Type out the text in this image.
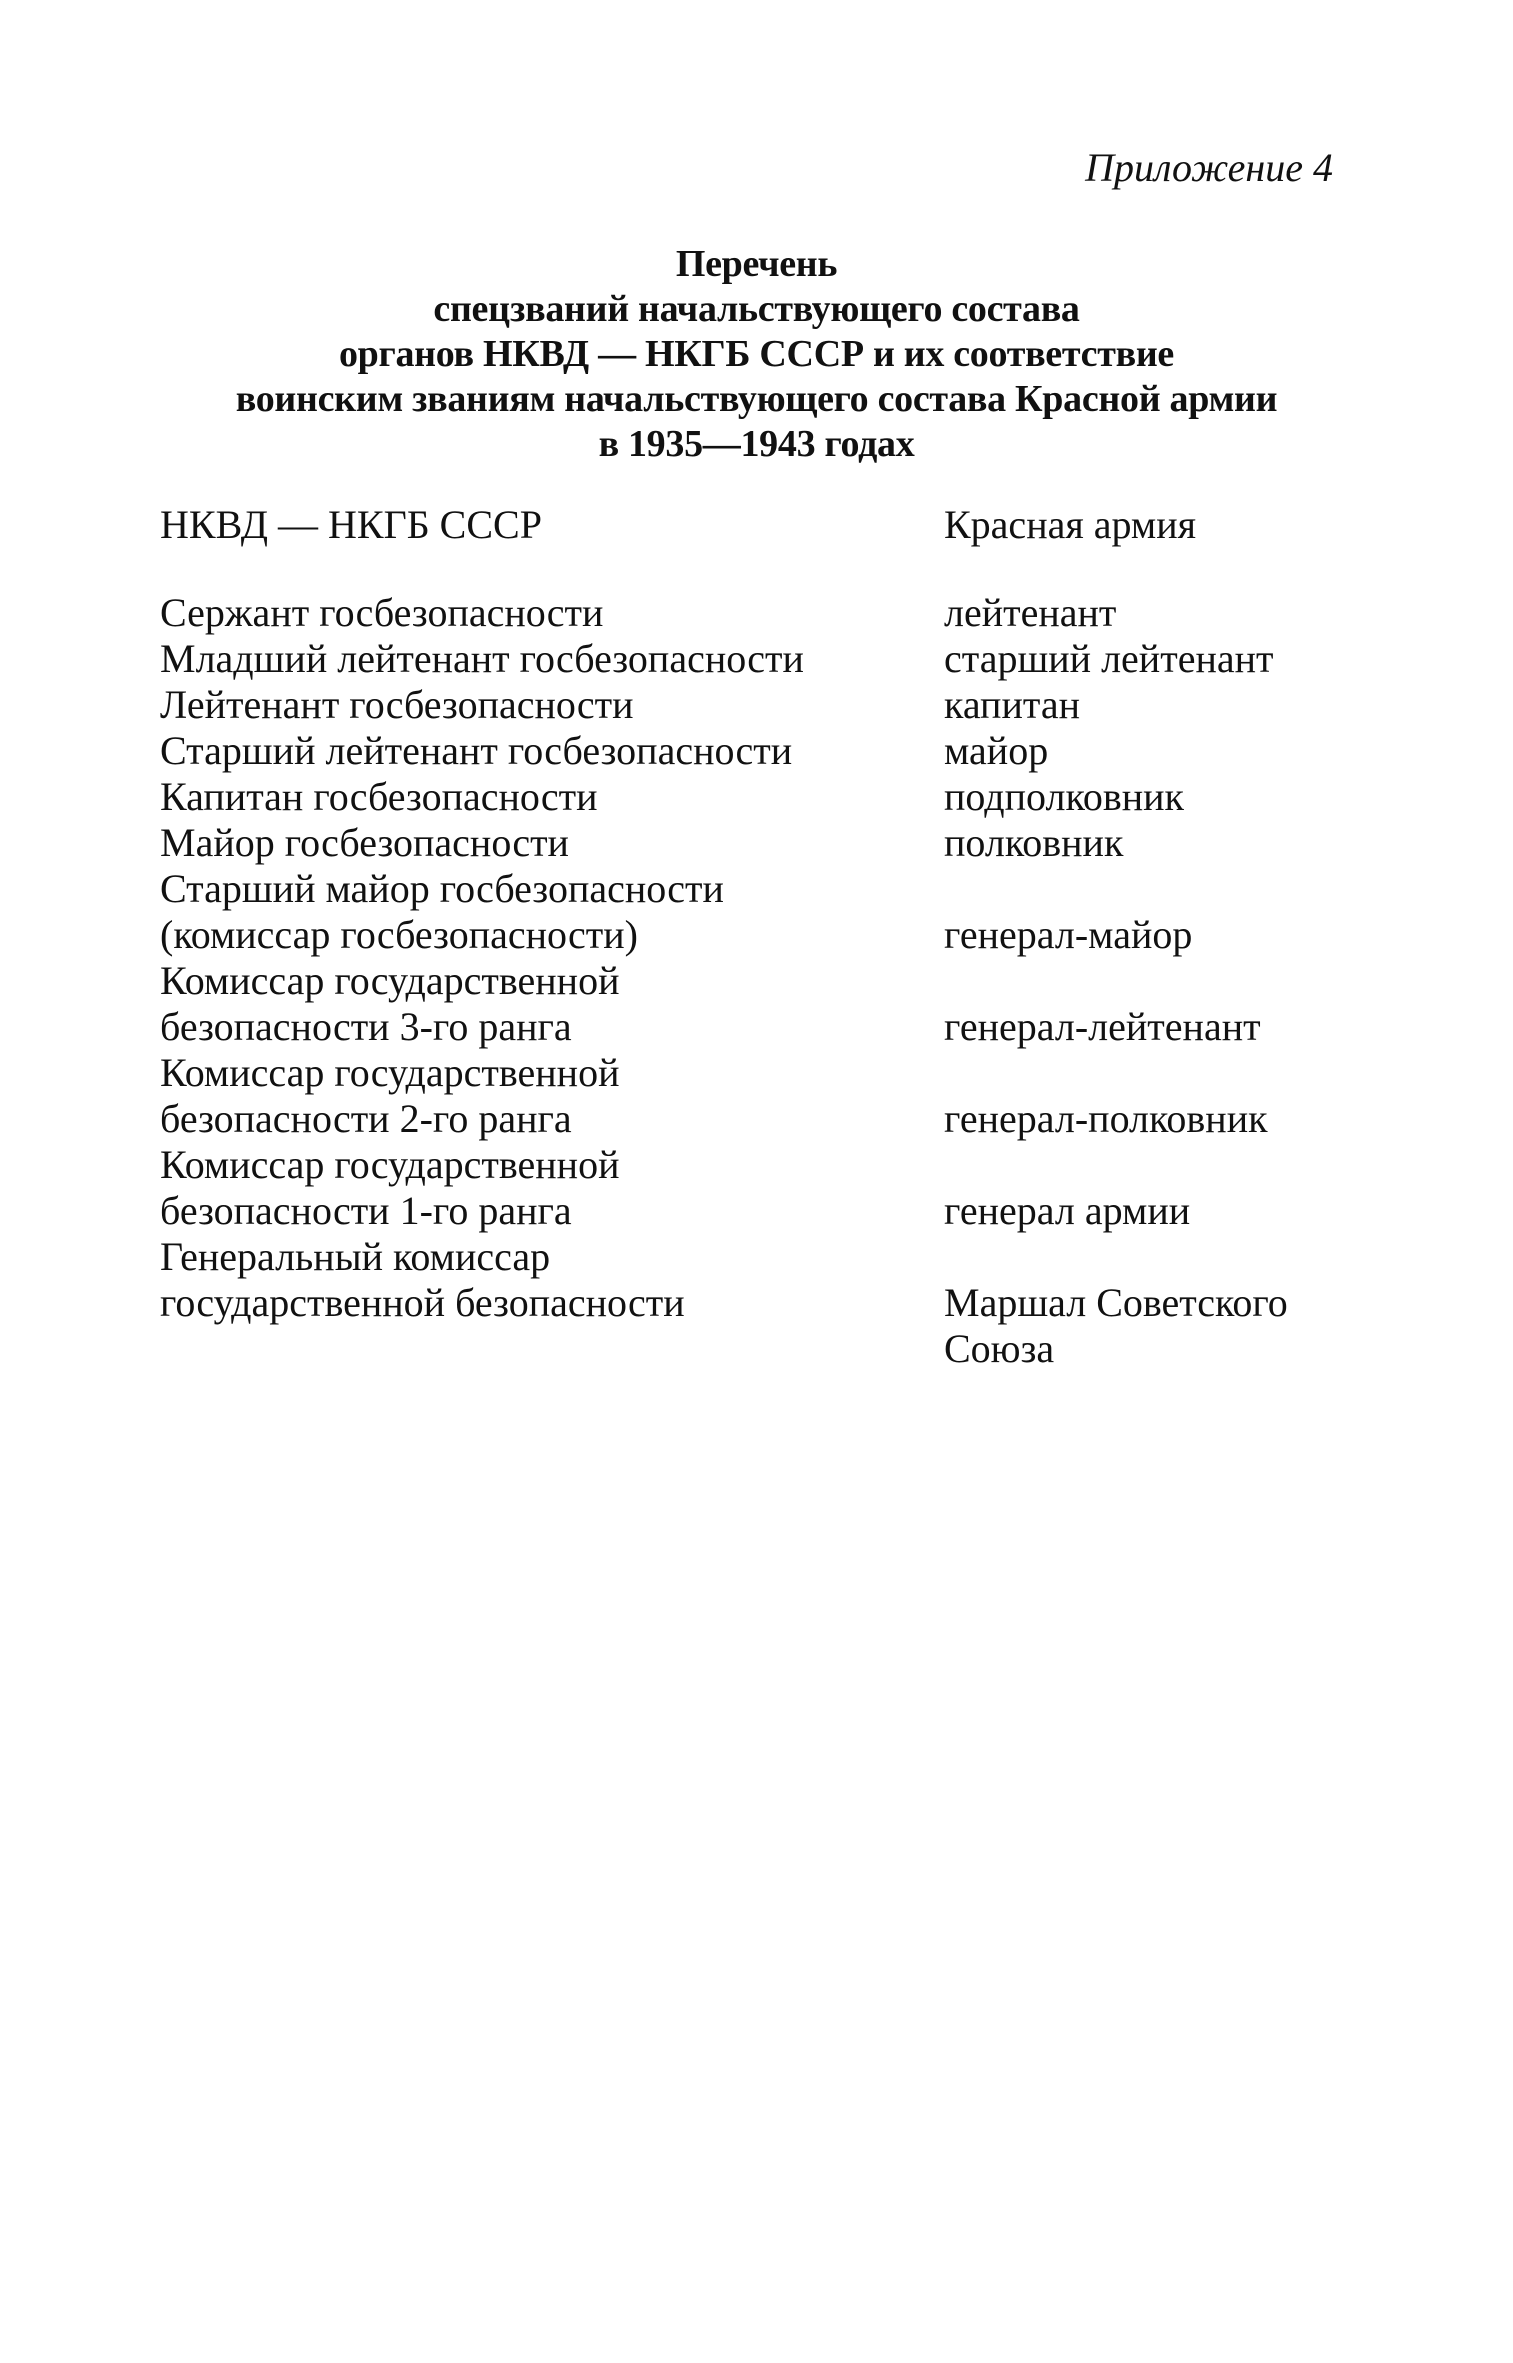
Приложение 4
Перечень
спецзваний начальствующего состава
органов НКВД — НКГБ СССР и их соответствие
воинским званиям начальствующего состава Красной армии
в 1935—1943 годах
НКВД — НКГБ СССР	Красная армия
Сержант госбезопасности	лейтенант
Младший лейтенант госбезопасности	старший лейтенант
Лейтенант госбезопасности	капитан
Старший лейтенант госбезопасности	майор
Капитан госбезопасности	подполковник
Майор госбезопасности	полковник
Старший майор госбезопасности
(комиссар госбезопасности)	генерал-майор
Комиссар государственной
безопасности 3-го ранга	генерал-лейтенант
Комиссар государственной
безопасности 2-го ранга	генерал-полковник
Комиссар государственной
безопасности 1-го ранга	генерал армии
Генеральный комиссар
государственной безопасности	Маршал Советского
Союза
